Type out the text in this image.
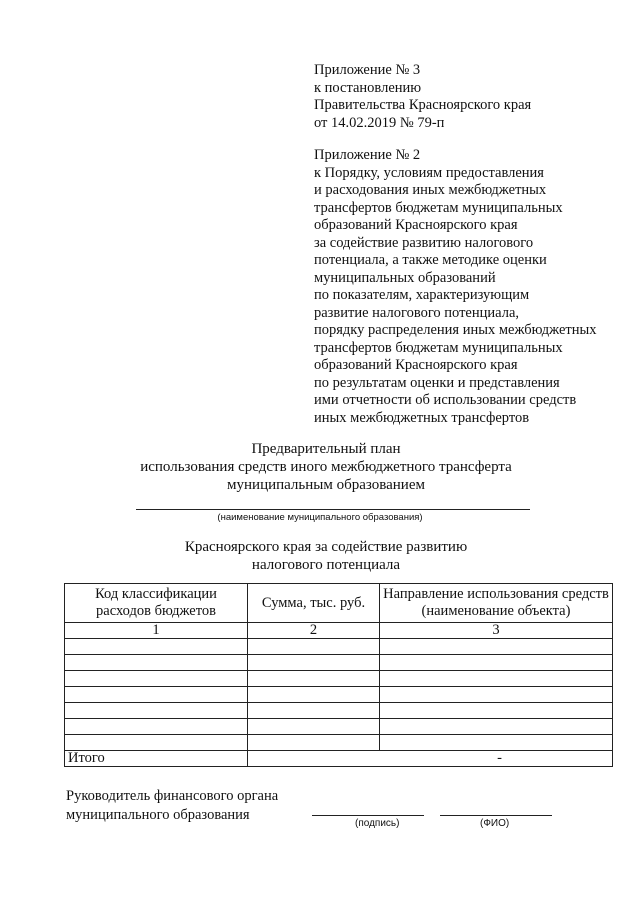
Приложение № 3
к постановлению
Правительства Красноярского края
от 14.02.2019 № 79-п
Приложение № 2
к Порядку, условиям предоставления
и расходования иных межбюджетных
трансфертов бюджетам муниципальных
образований Красноярского края
за содействие развитию налогового
потенциала, а также методике оценки
муниципальных образований
по показателям, характеризующим
развитие налогового потенциала,
порядку распределения иных межбюджетных
трансфертов бюджетам муниципальных
образований Красноярского края
по результатам оценки и представления
ими отчетности об использовании средств
иных межбюджетных трансфертов
Предварительный план
использования средств иного межбюджетного трансферта
муниципальным образованием
(наименование муниципального образования)
Красноярского края за содействие развитию
налогового потенциала
Код классификации расходов бюджетов	Сумма, тыс. руб.	Направление использования средств (наименование объекта)
1	2	3

Итого	-	
Руководитель финансового органа
муниципального образования
(подпись)	(ФИО)
